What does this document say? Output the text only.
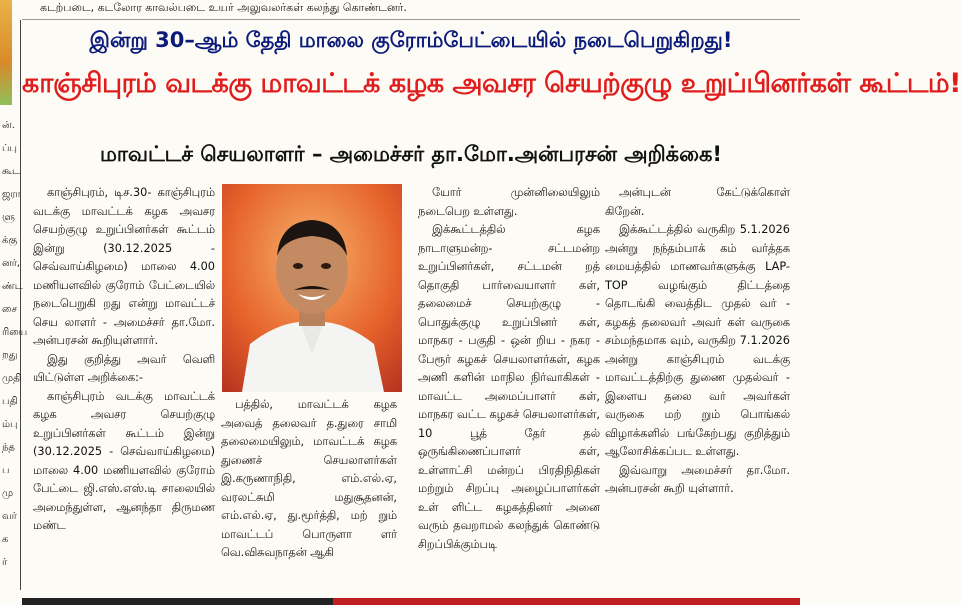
கடற்படை, கடலோர காவல்படை உயர் அலுவலர்கள் கலந்து கொண்டனர்.
ன்.
ப்பு
கூட
ஜரா
ளு
க்கு
னர்,
ண்ட
சை
ரியை
றது
முதி
பதி
ம்பு
ந்த
ப
மு
வர்
க
ர்
இன்று 30–ஆம் தேதி மாலை குரோம்பேட்டையில் நடைபெறுகிறது!
காஞ்சிபுரம் வடக்கு மாவட்டக் கழக அவசர செயற்குழு உறுப்பினர்கள் கூட்டம்!
மாவட்டச் செயலாளர் – அமைச்சர் தா.மோ.அன்பரசன் அறிக்கை!

காஞ்சிபுரம், டிச.30- காஞ்சிபுரம் வடக்கு மாவட்டக் கழக அவசர செயற்குழு உறுப்பினர்கள் கூட்டம் இன்று (30.12.2025 - செவ்வாய்கிழமை) மாலை 4.00 மணியளவில் குரோம் பேட்டையில் நடைபெறுகி றது என்று மாவட்டச் செய லாளர் - அமைச்சர் தா.மோ. அன்பரசன் கூறியுள்ளார்.

இது குறித்து அவர் வெளி யிட்டுள்ள அறிக்கை:-

காஞ்சிபுரம் வடக்கு மாவட்டக் கழக அவசர செயற்குழு உறுப்பினர்கள் கூட்டம் இன்று (30.12.2025 - செவ்வாய்கிழமை) மாலை 4.00 மணியளவில் குரோம் பேட்டை ஜி.எஸ்.எஸ்.டி சாலையில் அமைந்துள்ள, ஆனந்தா திருமண மண்ட

பத்தில், மாவட்டக் கழக அவைத் தலைவர் த.துரை சாமி தலைமையிலும், மாவட்டக் கழக துணைச் செயலாளர்கள் இ.கருணாநிதி, எம்.எல்.ஏ, வரலட்சுமி மதுசூதனன், எம்.எல்.ஏ, து.மூர்த்தி, மற் றும் மாவட்டப் பொருளா ளர் வெ.விசுவநாதன் ஆகி

யோர் முன்னிலையிலும் நடைபெற உள்ளது.

இக்கூட்டத்தில் கழக நாடாளுமன்ற- சட்டமன்ற உறுப்பினர்கள், சட்டமன் றத் தொகுதி பார்வையாளர் கள், தலைமைச் செயற்குழு - பொதுக்குழு உறுப்பினர் கள், மாநகர - பகுதி - ஒன் றிய - நகர - பேரூர் கழகச் செயலாளர்கள், கழக அணி களின் மாநில நிர்வாகிகள் - மாவட்ட அமைப்பாளர் கள், மாநகர வட்ட கழகச் செயலாளர்கள், 10 பூத் தேர் தல் ஒருங்கிணைப்பாளர் கள், உள்ளாட்சி மன்றப் பிரதிநிதிகள் மற்றும் சிறப்பு அழைப்பாளர்கள் உள் ளிட்ட கழகத்தினர் அனை வரும் தவறாமல் கலந்துக் கொண்டு சிறப்பிக்கும்படி

அன்புடன் கேட்டுக்கொள் கிறேன்.

இக்கூட்டத்தில் வருகிற 5.1.2026 அன்று நந்தம்பாக் கம் வர்த்தக மையத்தில் மாணவர்களுக்கு LAP-TOP வழங்கும் திட்டத்தை தொடங்கி வைத்திட முதல் வர் - கழகத் தலைவர் அவர் கள் வருகை சம்மந்தமாக வும், வருகிற 7.1.2026 அன்று காஞ்சிபுரம் வடக்கு மாவட்டத்திற்கு துணை முதல்வர் - இளைய தலை வர் அவர்கள் வருகை மற் றும் பொங்கல் விழாக்களில் பங்கேற்பது குறித்தும் ஆலோசிக்கப்பட உள்ளது.

இவ்வாறு அமைச்சர் தா.மோ. அன்பரசன் கூறி யுள்ளார்.
